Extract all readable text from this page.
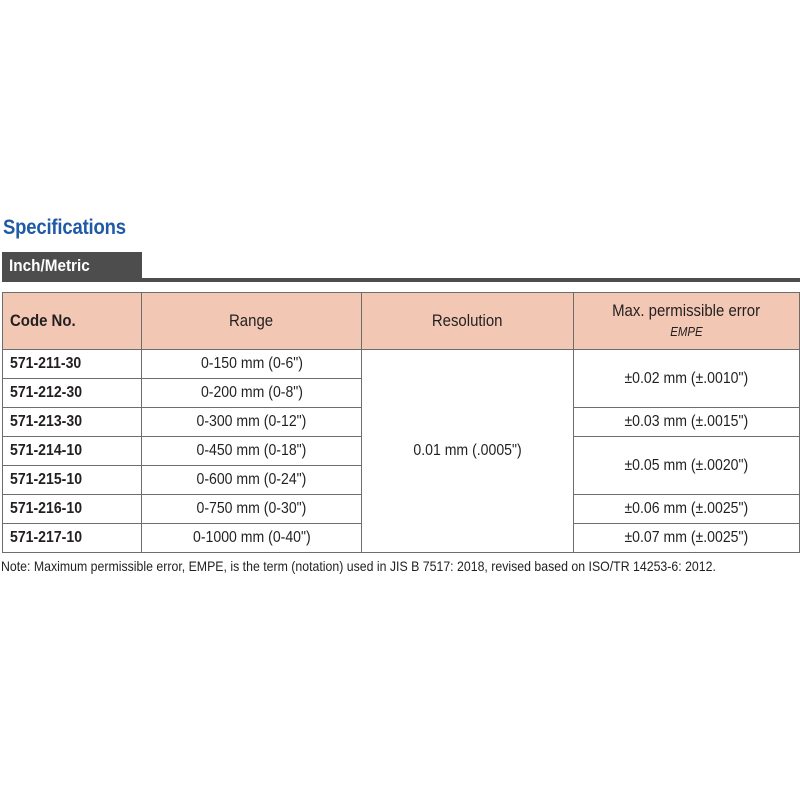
Specifications
Inch/Metric
Code No.	Range	Resolution	Max. permissible error
EMPE
571-211-30	0-150 mm (0-6")	0.01 mm (.0005")	±0.02 mm (±.0010")
571-212-30	0-200 mm (0-8")		
571-213-30	0-300 mm (0-12")		±0.03 mm (±.0015")
571-214-10	0-450 mm (0-18")		±0.05 mm (±.0020")
571-215-10	0-600 mm (0-24")		
571-216-10	0-750 mm (0-30")		±0.06 mm (±.0025")
571-217-10	0-1000 mm (0-40")		±0.07 mm (±.0025")
Note: Maximum permissible error, EMPE, is the term (notation) used in JIS B 7517: 2018, revised based on ISO/TR 14253-6: 2012.
